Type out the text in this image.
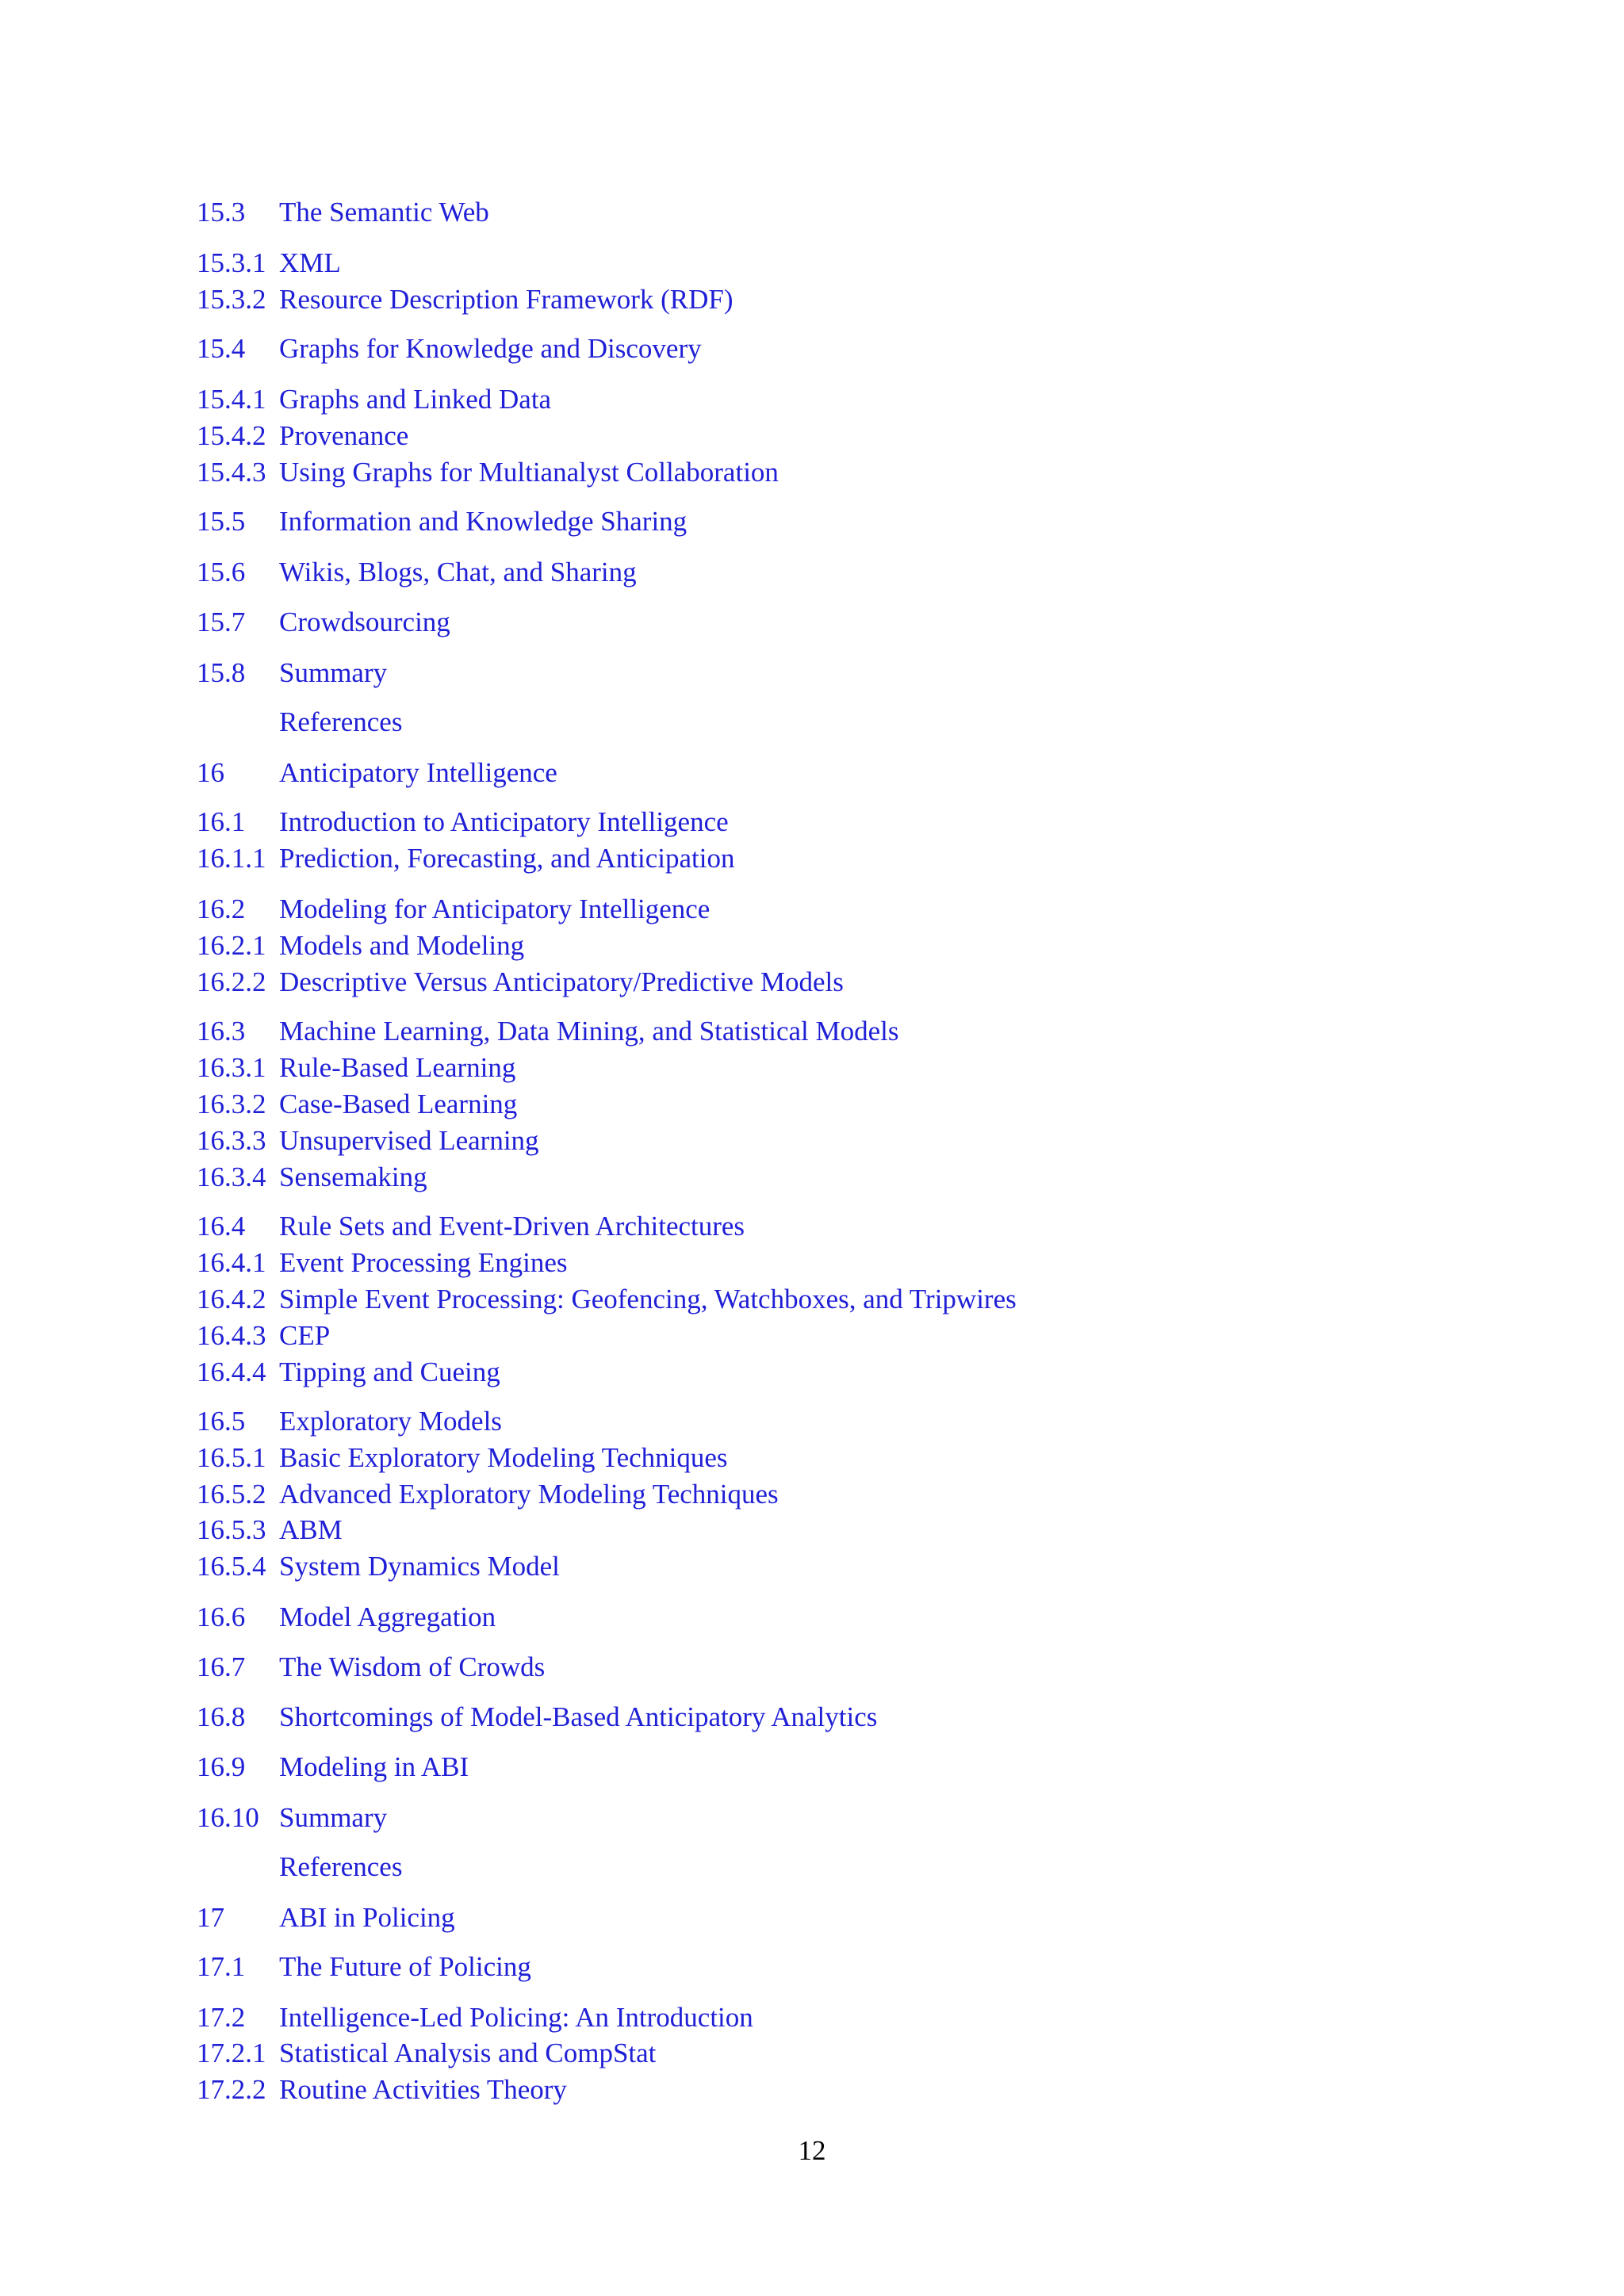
15.3 The Semantic Web
15.3.1 XML
15.3.2 Resource Description Framework (RDF)
15.4 Graphs for Knowledge and Discovery
15.4.1 Graphs and Linked Data
15.4.2 Provenance
15.4.3 Using Graphs for Multianalyst Collaboration
15.5 Information and Knowledge Sharing
15.6 Wikis, Blogs, Chat, and Sharing
15.7 Crowdsourcing
15.8 Summary
References
16 Anticipatory Intelligence
16.1 Introduction to Anticipatory Intelligence
16.1.1 Prediction, Forecasting, and Anticipation
16.2 Modeling for Anticipatory Intelligence
16.2.1 Models and Modeling
16.2.2 Descriptive Versus Anticipatory/Predictive Models
16.3 Machine Learning, Data Mining, and Statistical Models
16.3.1 Rule-Based Learning
16.3.2 Case-Based Learning
16.3.3 Unsupervised Learning
16.3.4 Sensemaking
16.4 Rule Sets and Event-Driven Architectures
16.4.1 Event Processing Engines
16.4.2 Simple Event Processing: Geofencing, Watchboxes, and Tripwires
16.4.3 CEP
16.4.4 Tipping and Cueing
16.5 Exploratory Models
16.5.1 Basic Exploratory Modeling Techniques
16.5.2 Advanced Exploratory Modeling Techniques
16.5.3 ABM
16.5.4 System Dynamics Model
16.6 Model Aggregation
16.7 The Wisdom of Crowds
16.8 Shortcomings of Model-Based Anticipatory Analytics
16.9 Modeling in ABI
16.10 Summary
References
17 ABI in Policing
17.1 The Future of Policing
17.2 Intelligence-Led Policing: An Introduction
17.2.1 Statistical Analysis and CompStat
17.2.2 Routine Activities Theory
12
